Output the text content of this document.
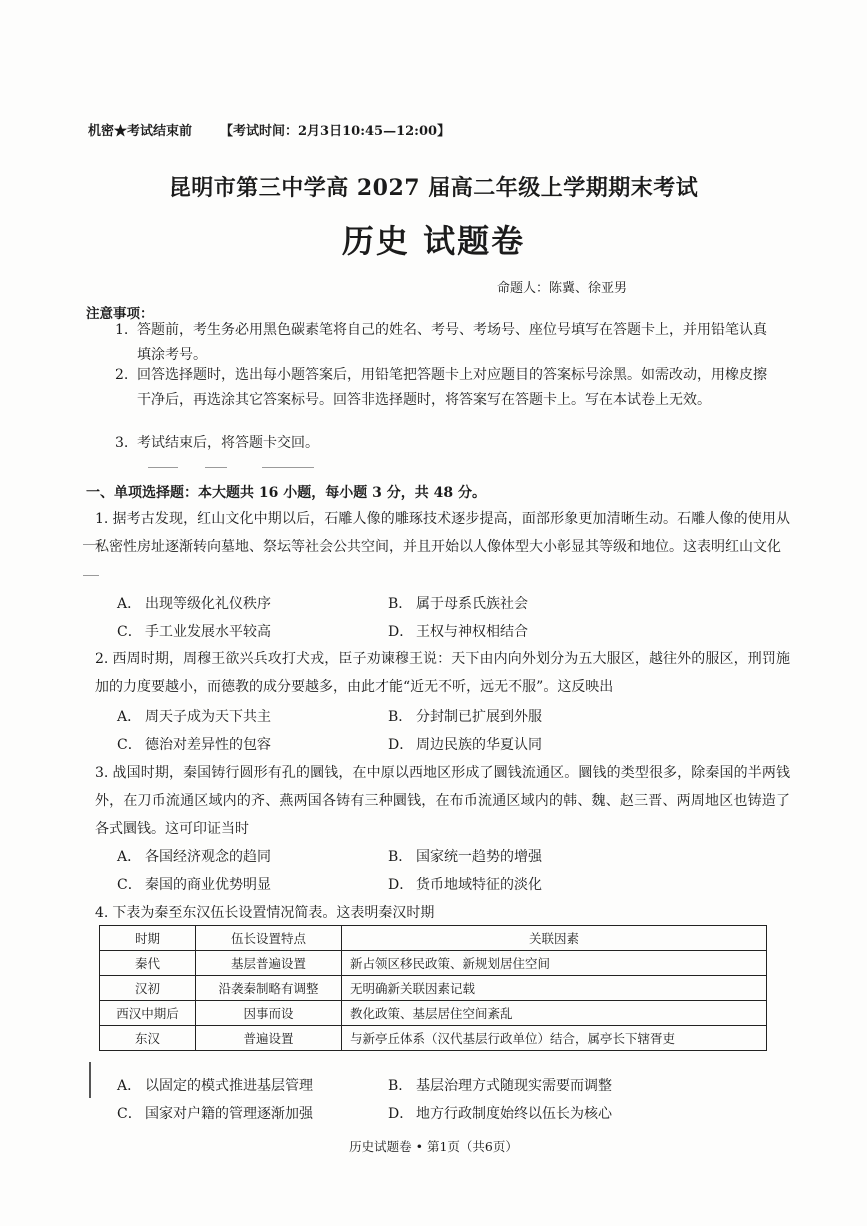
机密★考试结束前 【考试时间：2月3日10:45—12:00】
昆明市第三中学高 2027 届高二年级上学期期末考试
历史 试题卷
命题人：陈冀、徐亚男
注意事项：
1. 答题前，考生务必用黑色碳素笔将自己的姓名、考号、考场号、座位号填写在答题卡上，并用铅笔认真填涂考号。
2. 回答选择题时，选出每小题答案后，用铅笔把答题卡上对应题目的答案标号涂黑。如需改动，用橡皮擦干净后，再选涂其它答案标号。回答非选择题时，将答案写在答题卡上。写在本试卷上无效。
3. 考试结束后，将答题卡交回。
一、单项选择题：本大题共 16 小题，每小题 3 分，共 48 分。
1. 据考古发现，红山文化中期以后，石雕人像的雕琢技术逐步提高，面部形象更加清晰生动。石雕人像的使用从私密性房址逐渐转向墓地、祭坛等社会公共空间，并且开始以人像体型大小彰显其等级和地位。这表明红山文化
A． 出现等级化礼仪秩序	B． 属于母系氏族社会
C． 手工业发展水平较高	D． 王权与神权相结合
2. 西周时期，周穆王欲兴兵攻打犬戎，臣子劝谏穆王说：天下由内向外划分为五大服区，越往外的服区，刑罚施加的力度要越小，而德教的成分要越多，由此才能“近无不听，远无不服”。这反映出
A． 周天子成为天下共主	B． 分封制已扩展到外服
C． 德治对差异性的包容	D． 周边民族的华夏认同
3. 战国时期，秦国铸行圆形有孔的圜钱，在中原以西地区形成了圜钱流通区。圜钱的类型很多，除秦国的半两钱外，在刀币流通区域内的齐、燕两国各铸有三种圜钱，在布币流通区域内的韩、魏、赵三晋、两周地区也铸造了各式圜钱。这可印证当时
A． 各国经济观念的趋同	B． 国家统一趋势的增强
C． 秦国的商业优势明显	D． 货币地域特征的淡化
4. 下表为秦至东汉伍长设置情况简表。这表明秦汉时期
时期	伍长设置特点	关联因素
秦代	基层普遍设置	新占领区移民政策、新规划居住空间
汉初	沿袭秦制略有调整	无明确新关联因素记载
西汉中期后	因事而设	教化政策、基层居住空间紊乱
东汉	普遍设置	与新亭丘体系（汉代基层行政单位）结合，属亭长下辖胥吏
A． 以固定的模式推进基层管理	B． 基层治理方式随现实需要而调整
C． 国家对户籍的管理逐渐加强	D． 地方行政制度始终以伍长为核心
历史试题卷 • 第1页（共6页）
